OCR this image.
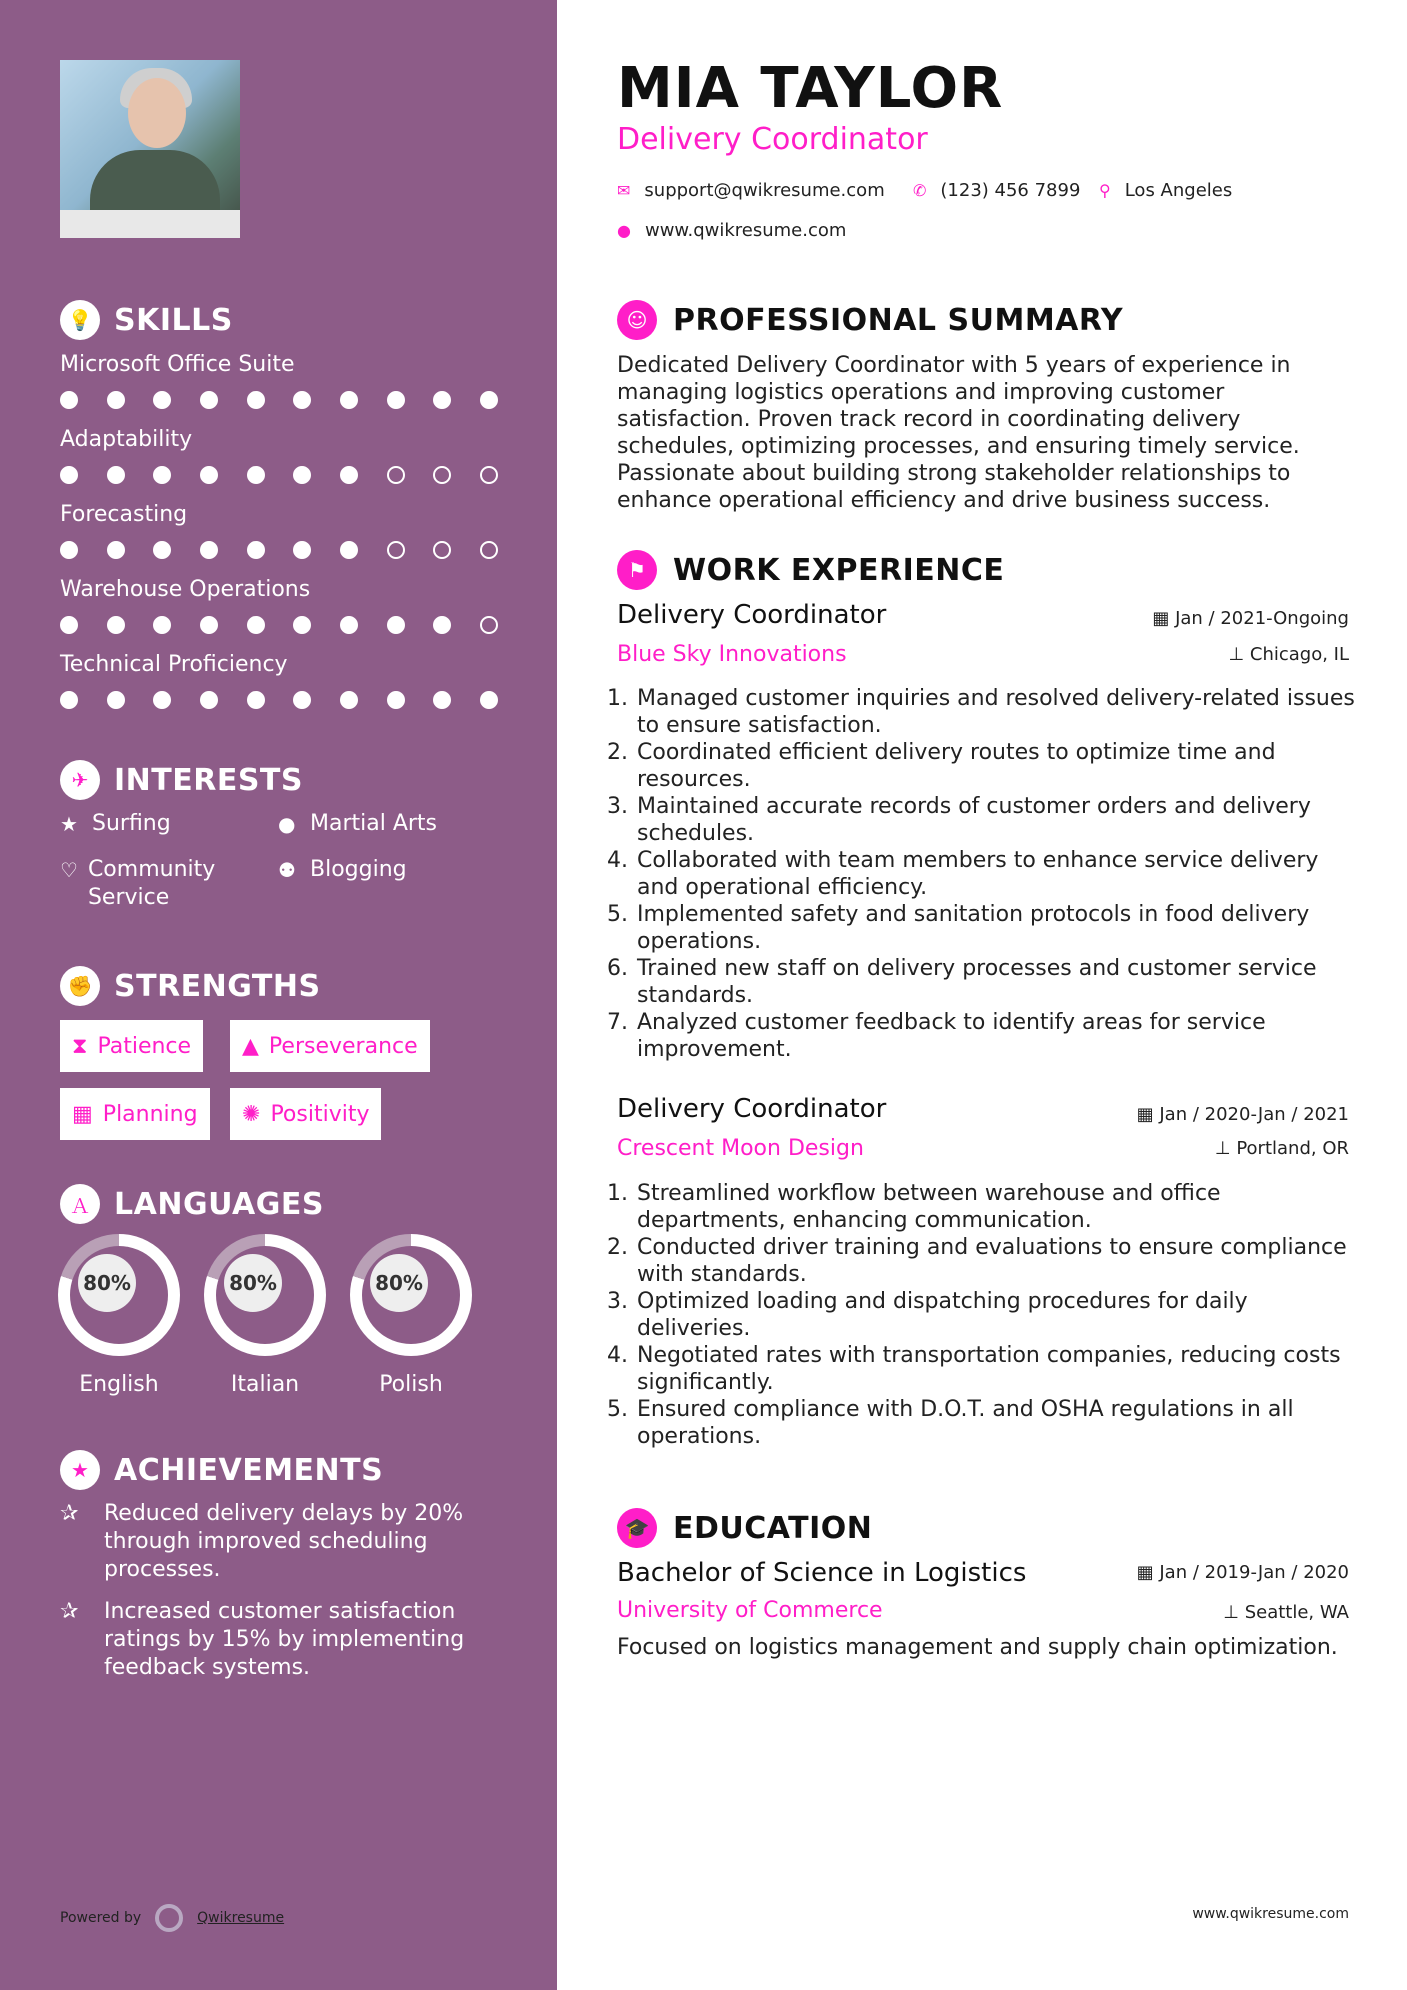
💡 SKILLS
Microsoft Office Suite
Adaptability
Forecasting
Warehouse Operations
Technical Proficiency
✈ INTERESTS
★ Surfing	● Martial Arts
♡ Community Service
⚉ Blogging
✊ STRENGTHS
⧗ Patience ▲ Perseverance
▦ Planning ✺ Positivity
Ａ LANGUAGES
80%
English
80%
Italian
80%
Polish
★ ACHIEVEMENTS
✰	Reduced delivery delays by 20% through improved scheduling processes.
✰	Increased customer satisfaction ratings by 15% by implementing feedback systems.
Powered by	Qwikresume
MIA TAYLOR
Delivery Coordinator
✉ support@qwikresume.com ✆ (123) 456 7899 ⚲ Los Angeles
● www.qwikresume.com
☺ PROFESSIONAL SUMMARY
Dedicated Delivery Coordinator with 5 years of experience in managing logistics operations and improving customer satisfaction. Proven track record in coordinating delivery schedules, optimizing processes, and ensuring timely service. Passionate about building strong stakeholder relationships to enhance operational efficiency and drive business success.
⚑ WORK EXPERIENCE
Delivery Coordinator	▦ Jan / 2021-Ongoing
Blue Sky Innovations	⊥ Chicago, IL
1. Managed customer inquiries and resolved delivery-related issues to ensure satisfaction.
2. Coordinated efficient delivery routes to optimize time and resources.
3. Maintained accurate records of customer orders and delivery schedules.
4. Collaborated with team members to enhance service delivery and operational efficiency.
5. Implemented safety and sanitation protocols in food delivery operations.
6. Trained new staff on delivery processes and customer service standards.
7. Analyzed customer feedback to identify areas for service improvement.
Delivery Coordinator	▦ Jan / 2020-Jan / 2021
Crescent Moon Design	⊥ Portland, OR
1. Streamlined workflow between warehouse and office departments, enhancing communication.
2. Conducted driver training and evaluations to ensure compliance with standards.
3. Optimized loading and dispatching procedures for daily deliveries.
4. Negotiated rates with transportation companies, reducing costs significantly.
5. Ensured compliance with D.O.T. and OSHA regulations in all operations.
🎓 EDUCATION
Bachelor of Science in Logistics	▦ Jan / 2019-Jan / 2020
University of Commerce	⊥ Seattle, WA
Focused on logistics management and supply chain optimization.
www.qwikresume.com
